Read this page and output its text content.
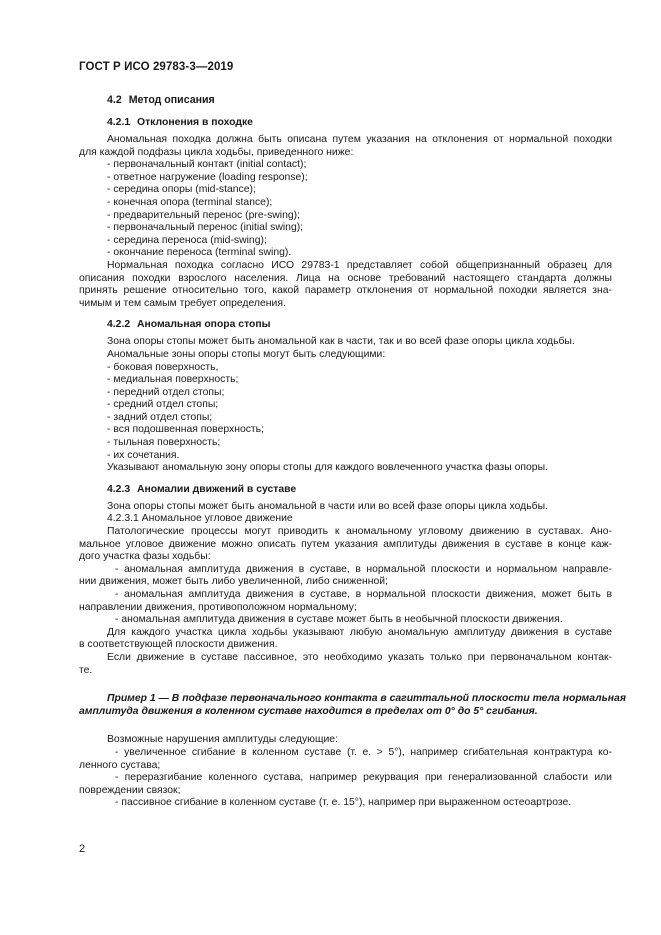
ГОСТ Р ИСО 29783-3—2019
4.2 Метод описания
4.2.1 Отклонения в походке
Аномальная походка должна быть описана путем указания на отклонения от нормальной походки
для каждой подфазы цикла ходьбы, приведенного ниже:
- первоначальный контакт (initial contact);
- ответное нагружение (loading response);
- середина опоры (mid-stance);
- конечная опора (terminal stance);
- предварительный перенос (pre-swing);
- первоначальный перенос (initial swing);
- середина переноса (mid-swing);
- окончание переноса (terminal swing).
Нормальная походка согласно ИСО 29783-1 представляет собой общепризнанный образец для
описания походки взрослого населения. Лица на основе требований настоящего стандарта должны
принять решение относительно того, какой параметр отклонения от нормальной походки является зна-
чимым и тем самым требует определения.
4.2.2 Аномальная опора стопы
Зона опоры стопы может быть аномальной как в части, так и во всей фазе опоры цикла ходьбы.
Аномальные зоны опоры стопы могут быть следующими:
- боковая поверхность,
- медиальная поверхность;
- передний отдел стопы;
- средний отдел стопы;
- задний отдел стопы;
- вся подошвенная поверхность;
- тыльная поверхность;
- их сочетания.
Указывают аномальную зону опоры стопы для каждого вовлеченного участка фазы опоры.
4.2.3 Аномалии движений в суставе
Зона опоры стопы может быть аномальной в части или во всей фазе опоры цикла ходьбы.
4.2.3.1 Аномальное угловое движение
Патологические процессы могут приводить к аномальному угловому движению в суставах. Ано-
мальное угловое движение можно описать путем указания амплитуды движения в суставе в конце каж-
дого участка фазы ходьбы:
- аномальная амплитуда движения в суставе, в нормальной плоскости и нормальном направле-
нии движения, может быть либо увеличенной, либо сниженной;
- аномальная амплитуда движения в суставе, в нормальной плоскости движения, может быть в
направлении движения, противоположном нормальному;
- аномальная амплитуда движения в суставе может быть в необычной плоскости движения.
Для каждого участка цикла ходьбы указывают любую аномальную амплитуду движения в суставе
в соответствующей плоскости движения.
Если движение в суставе пассивное, это необходимо указать только при первоначальном контак-
те.
Пример 1 — В подфазе первоначального контакта в сагиттальной плоскости тела нормальная
амплитуда движения в коленном суставе находится в пределах от 0° до 5° сгибания.
Возможные нарушения амплитуды следующие:
- увеличенное сгибание в коленном суставе (т. е. > 5°), например сгибательная контрактура ко-
ленного сустава;
- переразгибание коленного сустава, например рекурвация при генерализованной слабости или
повреждении связок;
- пассивное сгибание в коленном суставе (т. е. 15°), например при выраженном остеоартрозе.
2
